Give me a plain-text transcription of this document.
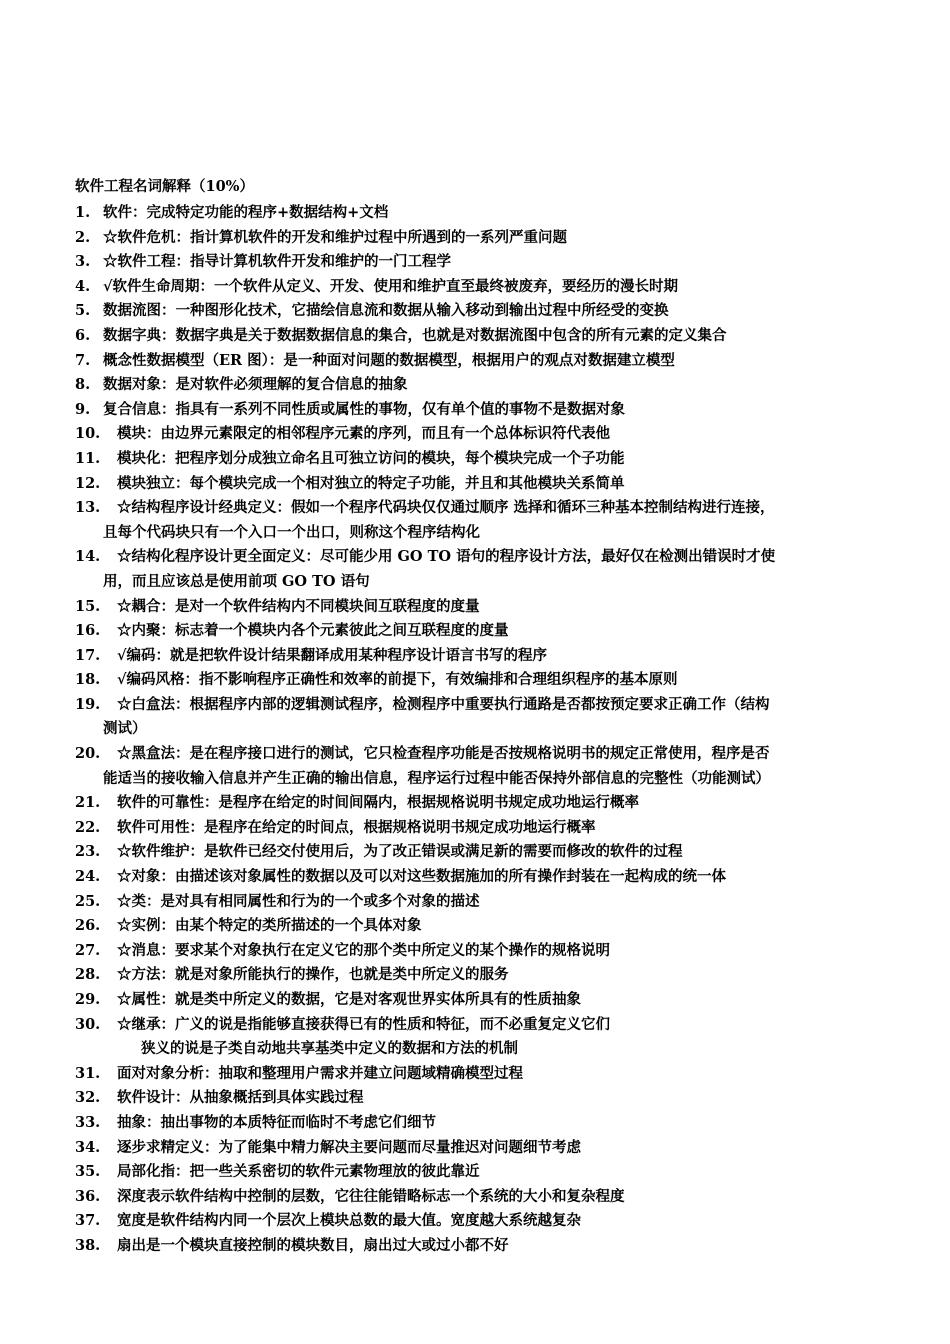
软件工程名词解释（10%）
1. 软件：完成特定功能的程序+数据结构+文档
2. ☆软件危机：指计算机软件的开发和维护过程中所遇到的一系列严重问题
3. ☆软件工程：指导计算机软件开发和维护的一门工程学
4. √软件生命周期：一个软件从定义、开发、使用和维护直至最终被废弃，要经历的漫长时期
5. 数据流图：一种图形化技术，它描绘信息流和数据从输入移动到输出过程中所经受的变换
6. 数据字典：数据字典是关于数据数据信息的集合，也就是对数据流图中包含的所有元素的定义集合
7. 概念性数据模型（ER 图）：是一种面对问题的数据模型，根据用户的观点对数据建立模型
8. 数据对象：是对软件必须理解的复合信息的抽象
9. 复合信息：指具有一系列不同性质或属性的事物，仅有单个值的事物不是数据对象
10. 模块：由边界元素限定的相邻程序元素的序列，而且有一个总体标识符代表他
11. 模块化：把程序划分成独立命名且可独立访问的模块，每个模块完成一个子功能
12. 模块独立：每个模块完成一个相对独立的特定子功能，并且和其他模块关系简单
13. ☆结构程序设计经典定义：假如一个程序代码块仅仅通过顺序 选择和循环三种基本控制结构进行连接，
且每个代码块只有一个入口一个出口，则称这个程序结构化
14. ☆结构化程序设计更全面定义：尽可能少用 GO TO 语句的程序设计方法，最好仅在检测出错误时才使
用，而且应该总是使用前项 GO TO 语句
15. ☆耦合：是对一个软件结构内不同模块间互联程度的度量
16. ☆内聚：标志着一个模块内各个元素彼此之间互联程度的度量
17. √编码：就是把软件设计结果翻译成用某种程序设计语言书写的程序
18. √编码风格：指不影响程序正确性和效率的前提下，有效编排和合理组织程序的基本原则
19. ☆白盒法：根据程序内部的逻辑测试程序，检测程序中重要执行通路是否都按预定要求正确工作（结构
测试）
20. ☆黑盒法：是在程序接口进行的测试，它只检查程序功能是否按规格说明书的规定正常使用，程序是否
能适当的接收输入信息并产生正确的输出信息，程序运行过程中能否保持外部信息的完整性（功能测试）
21. 软件的可靠性：是程序在给定的时间间隔内，根据规格说明书规定成功地运行概率
22. 软件可用性：是程序在给定的时间点，根据规格说明书规定成功地运行概率
23. ☆软件维护：是软件已经交付使用后，为了改正错误或满足新的需要而修改的软件的过程
24. ☆对象：由描述该对象属性的数据以及可以对这些数据施加的所有操作封装在一起构成的统一体
25. ☆类：是对具有相同属性和行为的一个或多个对象的描述
26. ☆实例：由某个特定的类所描述的一个具体对象
27. ☆消息：要求某个对象执行在定义它的那个类中所定义的某个操作的规格说明
28. ☆方法：就是对象所能执行的操作，也就是类中所定义的服务
29. ☆属性：就是类中所定义的数据，它是对客观世界实体所具有的性质抽象
30. ☆继承：广义的说是指能够直接获得已有的性质和特征，而不必重复定义它们
狭义的说是子类自动地共享基类中定义的数据和方法的机制
31. 面对对象分析：抽取和整理用户需求并建立问题域精确模型过程
32. 软件设计：从抽象概括到具体实践过程
33. 抽象：抽出事物的本质特征而临时不考虑它们细节
34. 逐步求精定义：为了能集中精力解决主要问题而尽量推迟对问题细节考虑
35. 局部化指：把一些关系密切的软件元素物理放的彼此靠近
36. 深度表示软件结构中控制的层数，它往往能错略标志一个系统的大小和复杂程度
37. 宽度是软件结构内同一个层次上模块总数的最大值。宽度越大系统越复杂
38. 扇出是一个模块直接控制的模块数目，扇出过大或过小都不好
